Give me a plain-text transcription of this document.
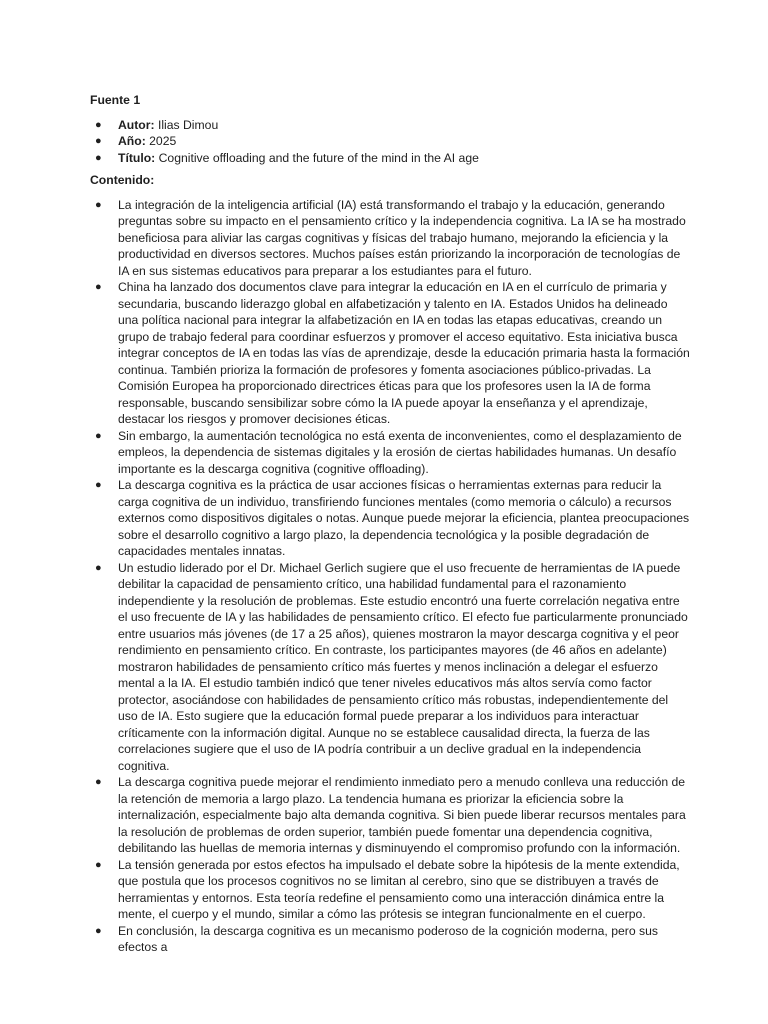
Fuente 1

● Autor: Ilias Dimou
● Año: 2025
● Título: Cognitive offloading and the future of the mind in the AI age

Contenido:

● La integración de la inteligencia artificial (IA) está transformando el trabajo y la educación, generando preguntas sobre su impacto en el pensamiento crítico y la independencia cognitiva. La IA se ha mostrado beneficiosa para aliviar las cargas cognitivas y físicas del trabajo humano, mejorando la eficiencia y la productividad en diversos sectores. Muchos países están priorizando la incorporación de tecnologías de IA en sus sistemas educativos para preparar a los estudiantes para el futuro.
● China ha lanzado dos documentos clave para integrar la educación en IA en el currículo de primaria y secundaria, buscando liderazgo global en alfabetización y talento en IA. Estados Unidos ha delineado una política nacional para integrar la alfabetización en IA en todas las etapas educativas, creando un grupo de trabajo federal para coordinar esfuerzos y promover el acceso equitativo. Esta iniciativa busca integrar conceptos de IA en todas las vías de aprendizaje, desde la educación primaria hasta la formación continua. También prioriza la formación de profesores y fomenta asociaciones público-privadas. La Comisión Europea ha proporcionado directrices éticas para que los profesores usen la IA de forma responsable, buscando sensibilizar sobre cómo la IA puede apoyar la enseñanza y el aprendizaje, destacar los riesgos y promover decisiones éticas.
● Sin embargo, la aumentación tecnológica no está exenta de inconvenientes, como el desplazamiento de empleos, la dependencia de sistemas digitales y la erosión de ciertas habilidades humanas. Un desafío importante es la descarga cognitiva (cognitive offloading).
● La descarga cognitiva es la práctica de usar acciones físicas o herramientas externas para reducir la carga cognitiva de un individuo, transfiriendo funciones mentales (como memoria o cálculo) a recursos externos como dispositivos digitales o notas. Aunque puede mejorar la eficiencia, plantea preocupaciones sobre el desarrollo cognitivo a largo plazo, la dependencia tecnológica y la posible degradación de capacidades mentales innatas.
● Un estudio liderado por el Dr. Michael Gerlich sugiere que el uso frecuente de herramientas de IA puede debilitar la capacidad de pensamiento crítico, una habilidad fundamental para el razonamiento independiente y la resolución de problemas. Este estudio encontró una fuerte correlación negativa entre el uso frecuente de IA y las habilidades de pensamiento crítico. El efecto fue particularmente pronunciado entre usuarios más jóvenes (de 17 a 25 años), quienes mostraron la mayor descarga cognitiva y el peor rendimiento en pensamiento crítico. En contraste, los participantes mayores (de 46 años en adelante) mostraron habilidades de pensamiento crítico más fuertes y menos inclinación a delegar el esfuerzo mental a la IA. El estudio también indicó que tener niveles educativos más altos servía como factor protector, asociándose con habilidades de pensamiento crítico más robustas, independientemente del uso de IA. Esto sugiere que la educación formal puede preparar a los individuos para interactuar críticamente con la información digital. Aunque no se establece causalidad directa, la fuerza de las correlaciones sugiere que el uso de IA podría contribuir a un declive gradual en la independencia cognitiva.
● La descarga cognitiva puede mejorar el rendimiento inmediato pero a menudo conlleva una reducción de la retención de memoria a largo plazo. La tendencia humana es priorizar la eficiencia sobre la internalización, especialmente bajo alta demanda cognitiva. Si bien puede liberar recursos mentales para la resolución de problemas de orden superior, también puede fomentar una dependencia cognitiva, debilitando las huellas de memoria internas y disminuyendo el compromiso profundo con la información.
● La tensión generada por estos efectos ha impulsado el debate sobre la hipótesis de la mente extendida, que postula que los procesos cognitivos no se limitan al cerebro, sino que se distribuyen a través de herramientas y entornos. Esta teoría redefine el pensamiento como una interacción dinámica entre la mente, el cuerpo y el mundo, similar a cómo las prótesis se integran funcionalmente en el cuerpo.
● En conclusión, la descarga cognitiva es un mecanismo poderoso de la cognición moderna, pero sus efectos a
